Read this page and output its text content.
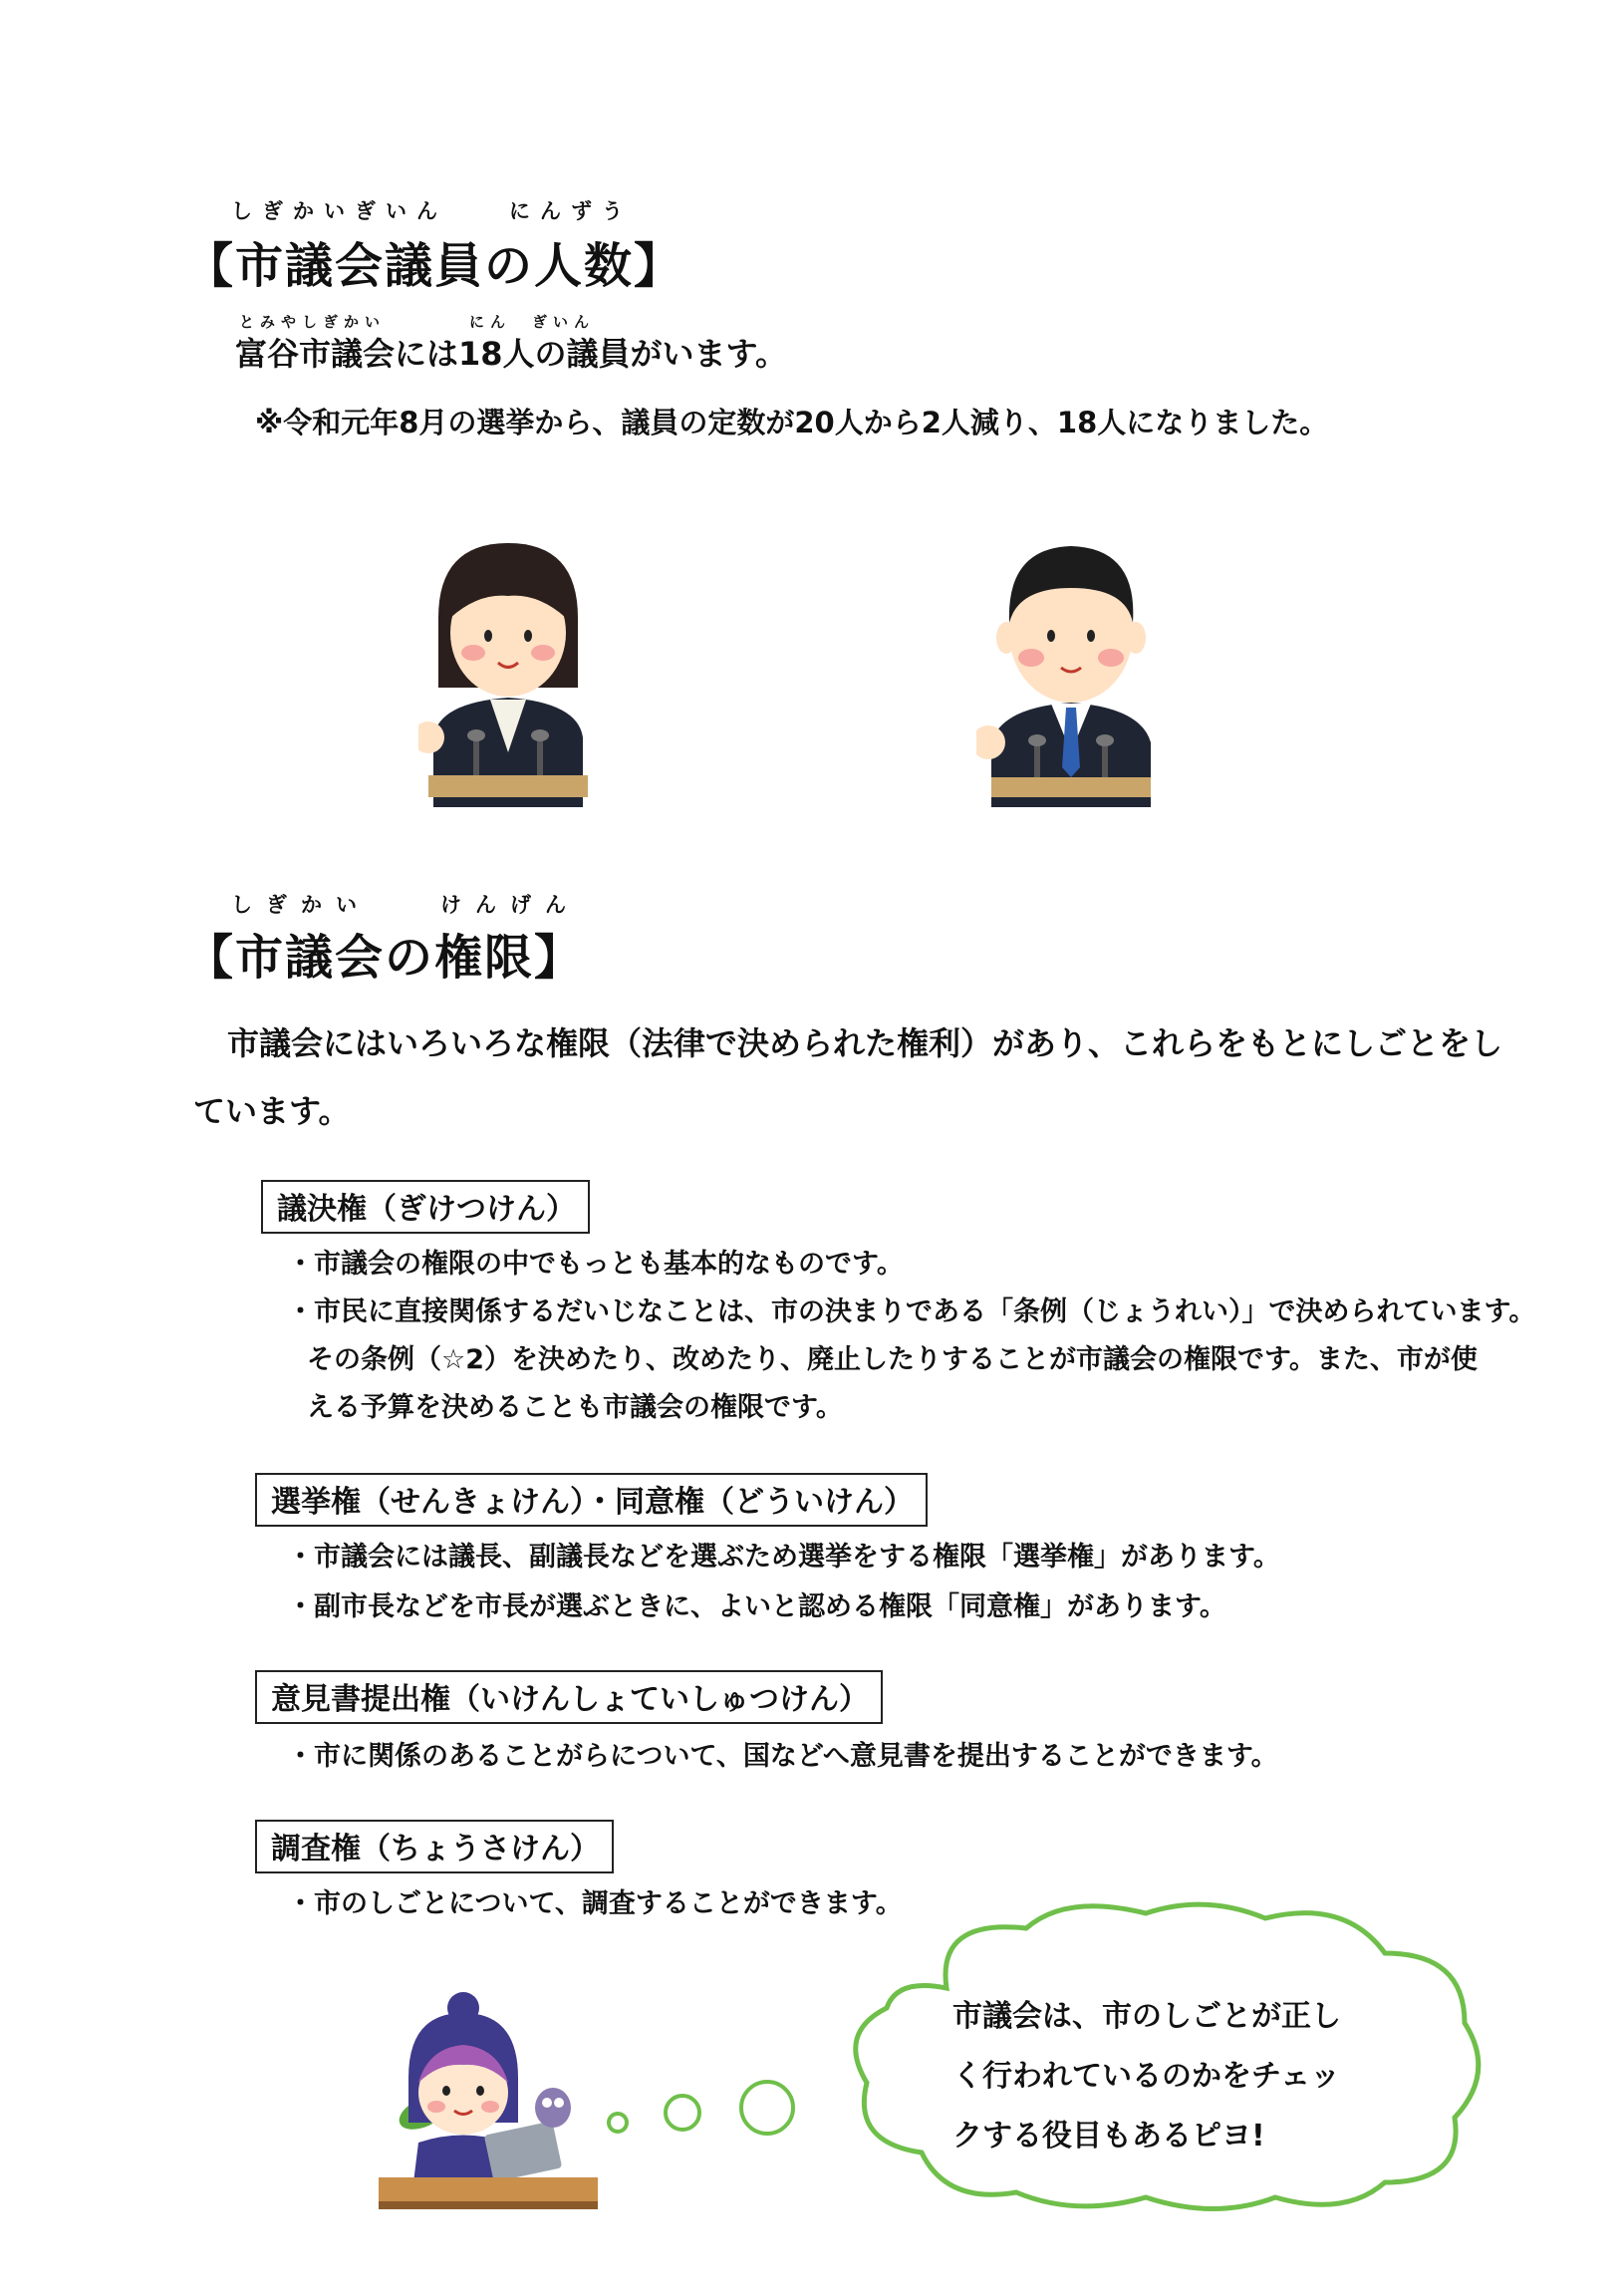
しぎかいぎいん　　にんずう
【市議会議員の人数】
とみやしぎかい　　　　にん　ぎいん
富谷市議会には18人の議員がいます。
※令和元年8月の選挙から、議員の定数が20人から2人減り、18人になりました。
しぎかい　　けんげん
【市議会の権限】
市議会にはいろいろな権限（法律で決められた権利）があり、これらをもとにしごとをし
ています。
議決権（ぎけつけん）
・市議会の権限の中でもっとも基本的なものです。
・市民に直接関係するだいじなことは、市の決まりである「条例（じょうれい）」で決められています。
その条例（☆2）を決めたり、改めたり、廃止したりすることが市議会の権限です。また、市が使
える予算を決めることも市議会の権限です。
選挙権（せんきょけん）・同意権（どういけん）
・市議会には議長、副議長などを選ぶため選挙をする権限「選挙権」があります。
・副市長などを市長が選ぶときに、よいと認める権限「同意権」があります。
意見書提出権（いけんしょていしゅつけん）
・市に関係のあることがらについて、国などへ意見書を提出することができます。
調査権（ちょうさけん）
・市のしごとについて、調査することができます。
市議会は、市のしごとが正し
く行われているのかをチェッ
クする役目もあるピヨ!
